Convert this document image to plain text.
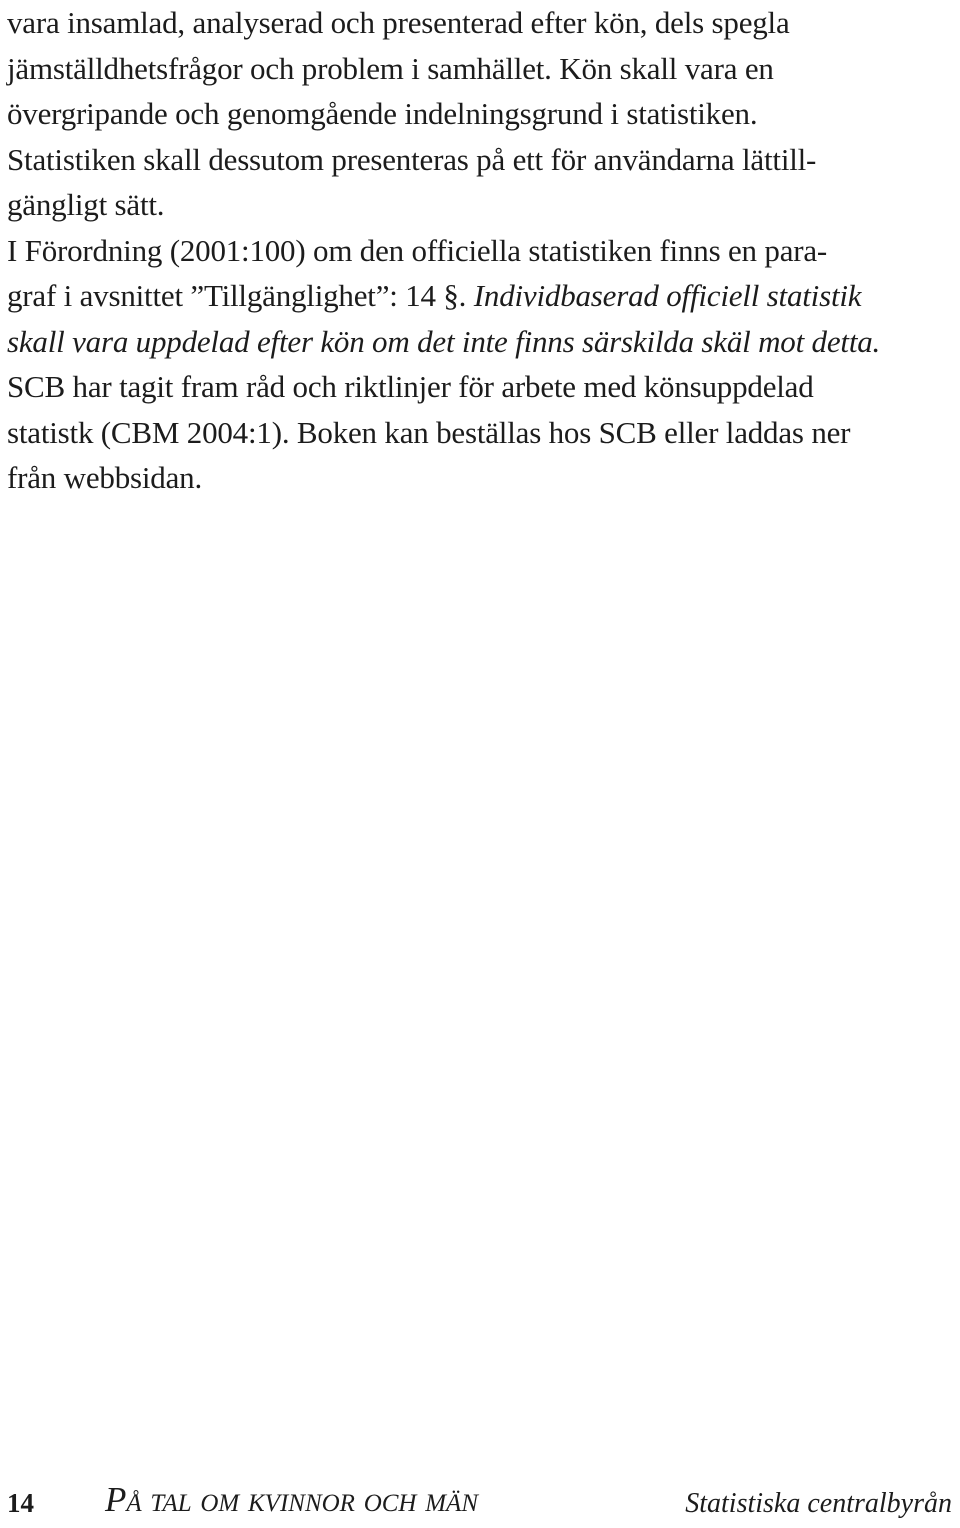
vara insamlad, analyserad och presenterad efter kön, dels spegla
jämställdhetsfrågor och problem i samhället. Kön skall vara en
övergripande och genomgående indelningsgrund i statistiken.
Statistiken skall dessutom presenteras på ett för användarna lättill-
gängligt sätt.

I Förordning (2001:100) om den officiella statistiken finns en para-
graf i avsnittet ”Tillgänglighet”: 14 §. Individbaserad officiell statistik
skall vara uppdelad efter kön om det inte finns särskilda skäl mot detta.

SCB har tagit fram råd och riktlinjer för arbete med könsuppdelad
statistk (CBM 2004:1). Boken kan beställas hos SCB eller laddas ner
från webbsidan.

14 På tal om kvinnor och män	Statistiska centralbyrån
